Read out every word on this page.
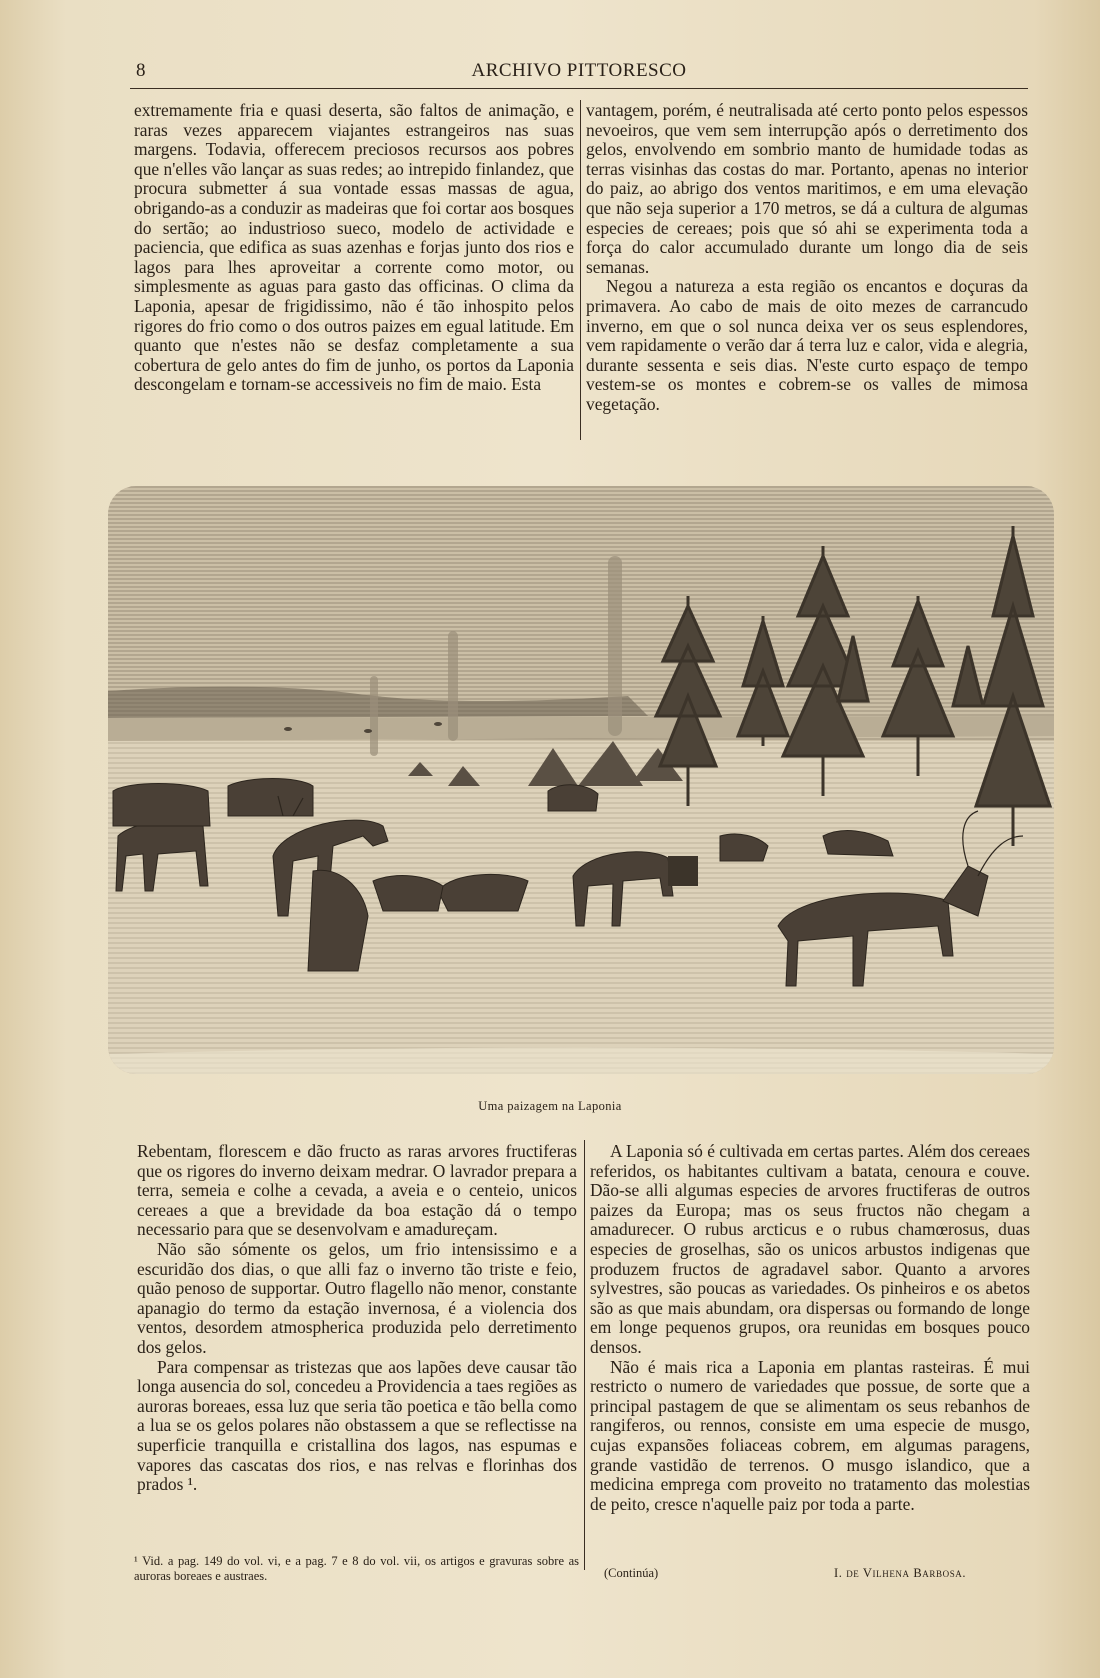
8	ARCHIVO PITTORESCO

extremamente fria e quasi deserta, são faltos de animação, e raras vezes apparecem viajantes estrangeiros nas suas margens. Todavia, offerecem preciosos recursos aos pobres que n'elles vão lançar as suas redes; ao intrepido finlandez, que procura submetter á sua vontade essas massas de agua, obrigando-as a conduzir as madeiras que foi cortar aos bosques do sertão; ao industrioso sueco, modelo de actividade e paciencia, que edifica as suas azenhas e forjas junto dos rios e lagos para lhes aproveitar a corrente como motor, ou simplesmente as aguas para gasto das officinas. O clima da Laponia, apesar de frigidissimo, não é tão inhospito pelos rigores do frio como o dos outros paizes em egual latitude. Em quanto que n'estes não se desfaz completamente a sua cobertura de gelo antes do fim de junho, os portos da Laponia descongelam e tornam-se accessiveis no fim de maio. Esta

vantagem, porém, é neutralisada até certo ponto pelos espessos nevoeiros, que vem sem interrupção após o derretimento dos gelos, envolvendo em sombrio manto de humidade todas as terras visinhas das costas do mar. Portanto, apenas no interior do paiz, ao abrigo dos ventos maritimos, e em uma elevação que não seja superior a 170 metros, se dá a cultura de algumas especies de cereaes; pois que só ahi se experimenta toda a força do calor accumulado durante um longo dia de seis semanas.

Negou a natureza a esta região os encantos e doçuras da primavera. Ao cabo de mais de oito mezes de carrancudo inverno, em que o sol nunca deixa ver os seus esplendores, vem rapidamente o verão dar á terra luz e calor, vida e alegria, durante sessenta e seis dias. N'este curto espaço de tempo vestem-se os montes e cobrem-se os valles de mimosa vegetação.

Uma paizagem na Laponia

Rebentam, florescem e dão fructo as raras arvores fructiferas que os rigores do inverno deixam medrar. O lavrador prepara a terra, semeia e colhe a cevada, a aveia e o centeio, unicos cereaes a que a brevidade da boa estação dá o tempo necessario para que se desenvolvam e amadureçam.

Não são sómente os gelos, um frio intensissimo e a escuridão dos dias, o que alli faz o inverno tão triste e feio, quão penoso de supportar. Outro flagello não menor, constante apanagio do termo da estação invernosa, é a violencia dos ventos, desordem atmospherica produzida pelo derretimento dos gelos.

Para compensar as tristezas que aos lapões deve causar tão longa ausencia do sol, concedeu a Providencia a taes regiões as auroras boreaes, essa luz que seria tão poetica e tão bella como a lua se os gelos polares não obstassem a que se reflectisse na superficie tranquilla e cristallina dos lagos, nas espumas e vapores das cascatas dos rios, e nas relvas e florinhas dos prados ¹.

A Laponia só é cultivada em certas partes. Além dos cereaes referidos, os habitantes cultivam a batata, cenoura e couve. Dão-se alli algumas especies de arvores fructiferas de outros paizes da Europa; mas os seus fructos não chegam a amadurecer. O rubus arcticus e o rubus chamœrosus, duas especies de groselhas, são os unicos arbustos indigenas que produzem fructos de agradavel sabor. Quanto a arvores sylvestres, são poucas as variedades. Os pinheiros e os abetos são as que mais abundam, ora dispersas ou formando de longe em longe pequenos grupos, ora reunidas em bosques pouco densos.

Não é mais rica a Laponia em plantas rasteiras. É mui restricto o numero de variedades que possue, de sorte que a principal pastagem de que se alimentam os seus rebanhos de rangiferos, ou rennos, consiste em uma especie de musgo, cujas expansões foliaceas cobrem, em algumas paragens, grande vastidão de terrenos. O musgo islandico, que a medicina emprega com proveito no tratamento das molestias de peito, cresce n'aquelle paiz por toda a parte.

¹ Vid. a pag. 149 do vol. vi, e a pag. 7 e 8 do vol. vii, os artigos e gravuras sobre as auroras boreaes e austraes.	(Continúa)	I. de Vilhena Barbosa.
